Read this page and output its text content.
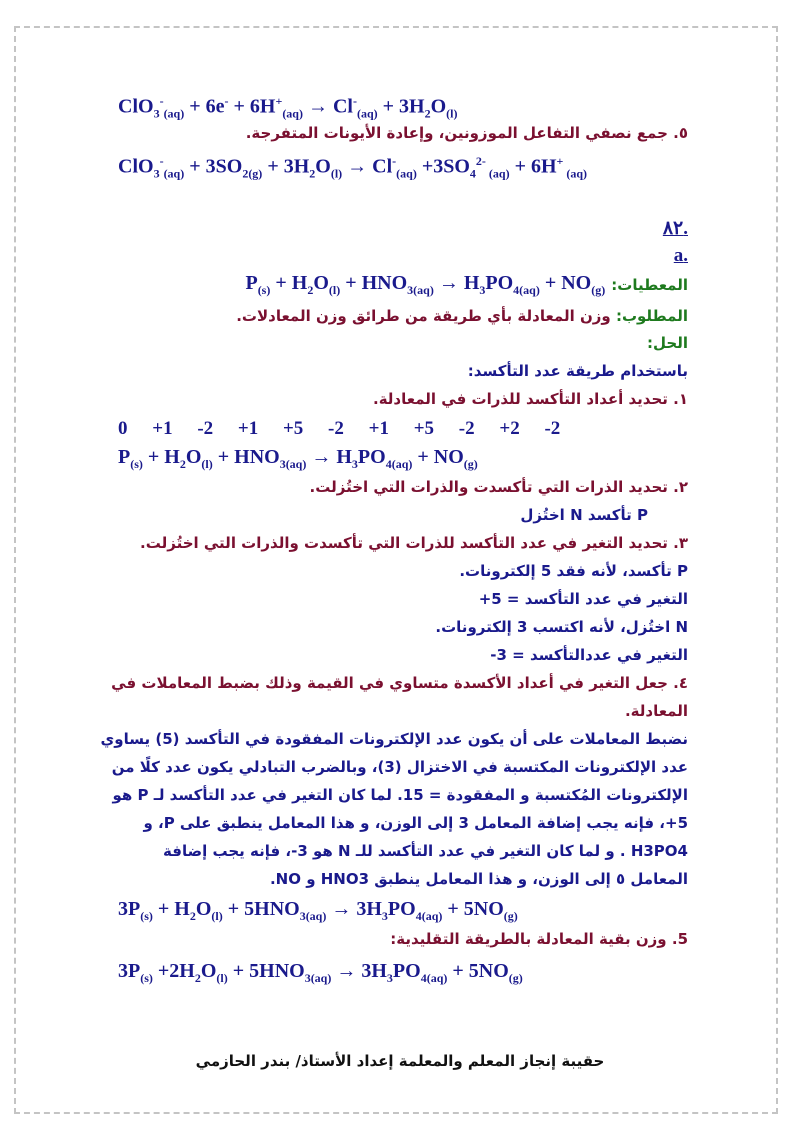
$ClO_3^-_{(aq)} + 6e^- + 6H^+_{(aq)} \to Cl^-_{(aq)} + 3H_2O_{(l)}$
٥. جمع نصفي التفاعل الموزونين، وإعادة الأيونات المتفرجة.
$ClO_3^-_{(aq)} + 3SO_{2(g)} + 3H_2O_{(l)} \to Cl^-_{(aq)} +3SO_4^{2-}$ $_{(aq)}$ + 6H+ $_{(aq)}$
.٨٢
.a
المعطيات:
$P_{(s)} + H_2O_{(l)} + HNO_{3(aq)} \to H_3PO_{4(aq)} + NO_{(g)}$
المطلوب: وزن المعادلة بأي طريقة من طرائق وزن المعادلات.
الحل:
باستخدام طريقة عدد التأكسد:
١. تحديد أعداد التأكسد للذرات في المعادلة.
0 +1 -2 +1 +5 -2 +1 +5 -2 +2 -2
$P_{(s)} + H_2O_{(l)} + HNO_{3(aq)} \to H_3PO_{4(aq)} + NO_{(g)}$
٢. تحديد الذرات التي تأكسدت والذرات التي اختُزلت.
P تأكسد N اختُزل
٣. تحديد التغير في عدد التأكسد للذرات التي تأكسدت والذرات التي اختُزلت.
P تأكسد، لأنه فقد 5 إلكترونات.
التغير في عدد التأكسد = 5+
N اختُزل، لأنه اكتسب 3 إلكترونات.
التغير في عددالتأكسد = 3-
٤. جعل التغير في أعداد الأكسدة متساوي في القيمة وذلك بضبط المعاملات في
المعادلة.
نضبط المعاملات على أن يكون عدد الإلكترونات المفقودة في التأكسد (5) يساوي
عدد الإلكترونات المكتسبة في الاختزال (3)، وبالضرب التبادلي يكون عدد كلًا من
الإلكترونات المُكتسبة و المفقودة = 15. لما كان التغير في عدد التأكسد لـ P هو
5+، فإنه يجب إضافة المعامل 3 إلى الوزن، و هذا المعامل ينطبق على P، و
H3PO4 . و لما كان التغير في عدد التأكسد للـ N هو 3-، فإنه يجب إضافة
المعامل ٥ إلى الوزن، و هذا المعامل ينطبق HNO3 و NO.
$3P_{(s)} + H_2O_{(l)} + 5HNO_{3(aq)} \to 3H_3PO_{4(aq)} + 5NO_{(g)}$
5. وزن بقية المعادلة بالطريقة التقليدية:
$3P_{(s)} +2H_2O_{(l)} + 5HNO_{3(aq)} \to 3H_3PO_{4(aq)} + 5NO_{(g)}$
حقيبة إنجاز المعلم والمعلمة إعداد الأستاذ/ بندر الحازمي
